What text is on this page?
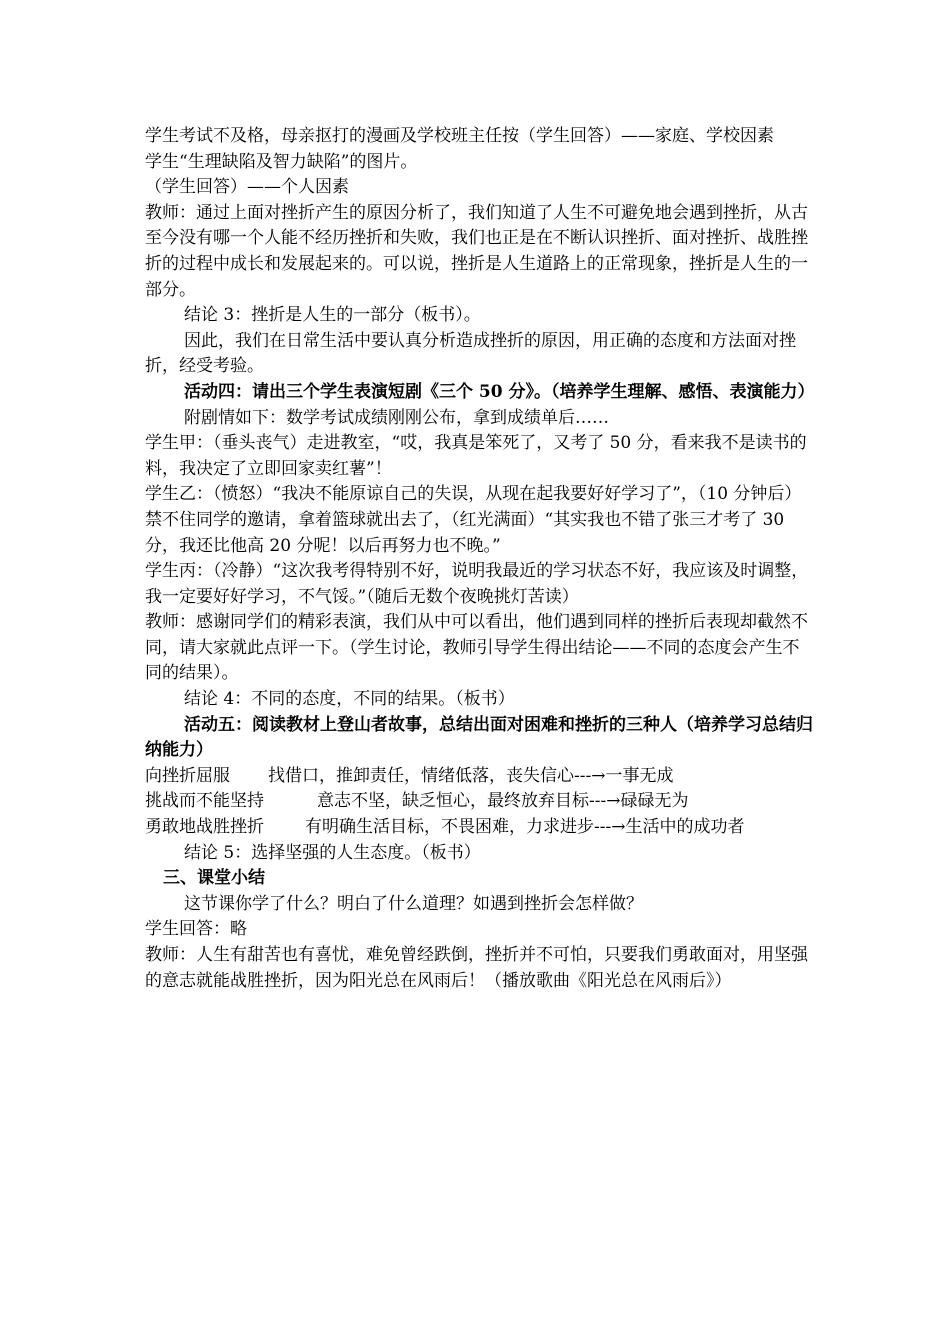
学生考试不及格，母亲抠打的漫画及学校班主任按（学生回答）——家庭、学校因素

学生“生理缺陷及智力缺陷”的图片。

（学生回答）——个人因素

教师：通过上面对挫折产生的原因分析了，我们知道了人生不可避免地会遇到挫折，从古至今没有哪一个人能不经历挫折和失败，我们也正是在不断认识挫折、面对挫折、战胜挫折的过程中成长和发展起来的。可以说，挫折是人生道路上的正常现象，挫折是人生的一部分。

结论 3：挫折是人生的一部分（板书）。

因此，我们在日常生活中要认真分析造成挫折的原因，用正确的态度和方法面对挫折，经受考验。

活动四：请出三个学生表演短剧《三个 50 分》。（培养学生理解、感悟、表演能力）

附剧情如下：数学考试成绩刚刚公布，拿到成绩单后……

学生甲：（垂头丧气）走进教室，“哎，我真是笨死了，又考了 50 分，看来我不是读书的料，我决定了立即回家卖红薯”！

学生乙：（愤怒）“我决不能原谅自己的失误，从现在起我要好好学习了”，（10 分钟后）禁不住同学的邀请，拿着篮球就出去了，（红光满面）“其实我也不错了张三才考了 30 分，我还比他高 20 分呢！以后再努力也不晚。”

学生丙：（冷静）“这次我考得特别不好，说明我最近的学习状态不好，我应该及时调整，我一定要好好学习，不气馁。”（随后无数个夜晚挑灯苦读）

教师：感谢同学们的精彩表演，我们从中可以看出，他们遇到同样的挫折后表现却截然不同，请大家就此点评一下。（学生讨论，教师引导学生得出结论——不同的态度会产生不同的结果）。

结论 4：不同的态度，不同的结果。（板书）

活动五：阅读教材上登山者故事，总结出面对困难和挫折的三种人（培养学习总结归纳能力）

向挫折屈服	找借口，推卸责任，情绪低落，丧失信心---→一事无成
挑战而不能坚持	意志不坚，缺乏恒心，最终放弃目标---→碌碌无为
勇敢地战胜挫折	有明确生活目标，不畏困难，力求进步---→生活中的成功者

结论 5：选择坚强的人生态度。（板书）

三、课堂小结

这节课你学了什么？明白了什么道理？如遇到挫折会怎样做？

学生回答：略

教师：人生有甜苦也有喜忧，难免曾经跌倒，挫折并不可怕，只要我们勇敢面对，用坚强的意志就能战胜挫折，因为阳光总在风雨后！（播放歌曲《阳光总在风雨后》）
